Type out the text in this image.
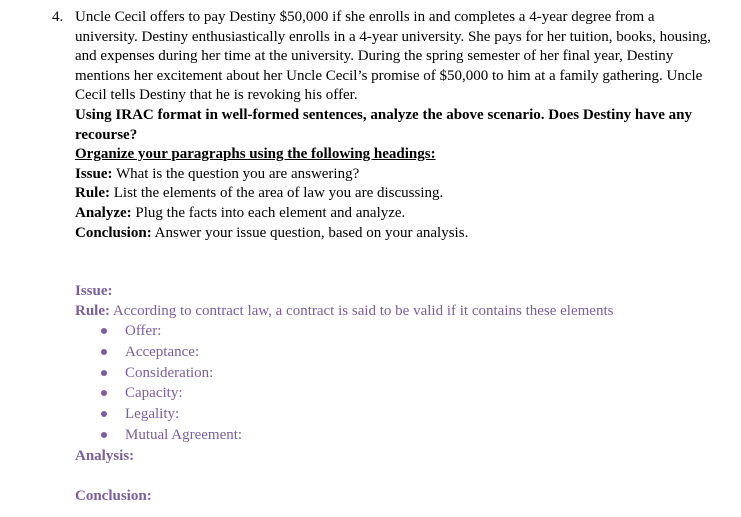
4. Uncle Cecil offers to pay Destiny $50,000 if she enrolls in and completes a 4-year degree from a university. Destiny enthusiastically enrolls in a 4-year university. She pays for her tuition, books, housing, and expenses during her time at the university. During the spring semester of her final year, Destiny mentions her excitement about her Uncle Cecil’s promise of $50,000 to him at a family gathering. Uncle Cecil tells Destiny that he is revoking his offer.

Using IRAC format in well-formed sentences, analyze the above scenario. Does Destiny have any recourse?

Organize your paragraphs using the following headings:

Issue: What is the question you are answering?

Rule: List the elements of the area of law you are discussing.

Analyze: Plug the facts into each element and analyze.

Conclusion: Answer your issue question, based on your analysis.

Issue:
Rule: According to contract law, a contract is said to be valid if it contains these elements
Offer:
Acceptance:
Consideration:
Capacity:
Legality:
Mutual Agreement:
Analysis:
Conclusion:
